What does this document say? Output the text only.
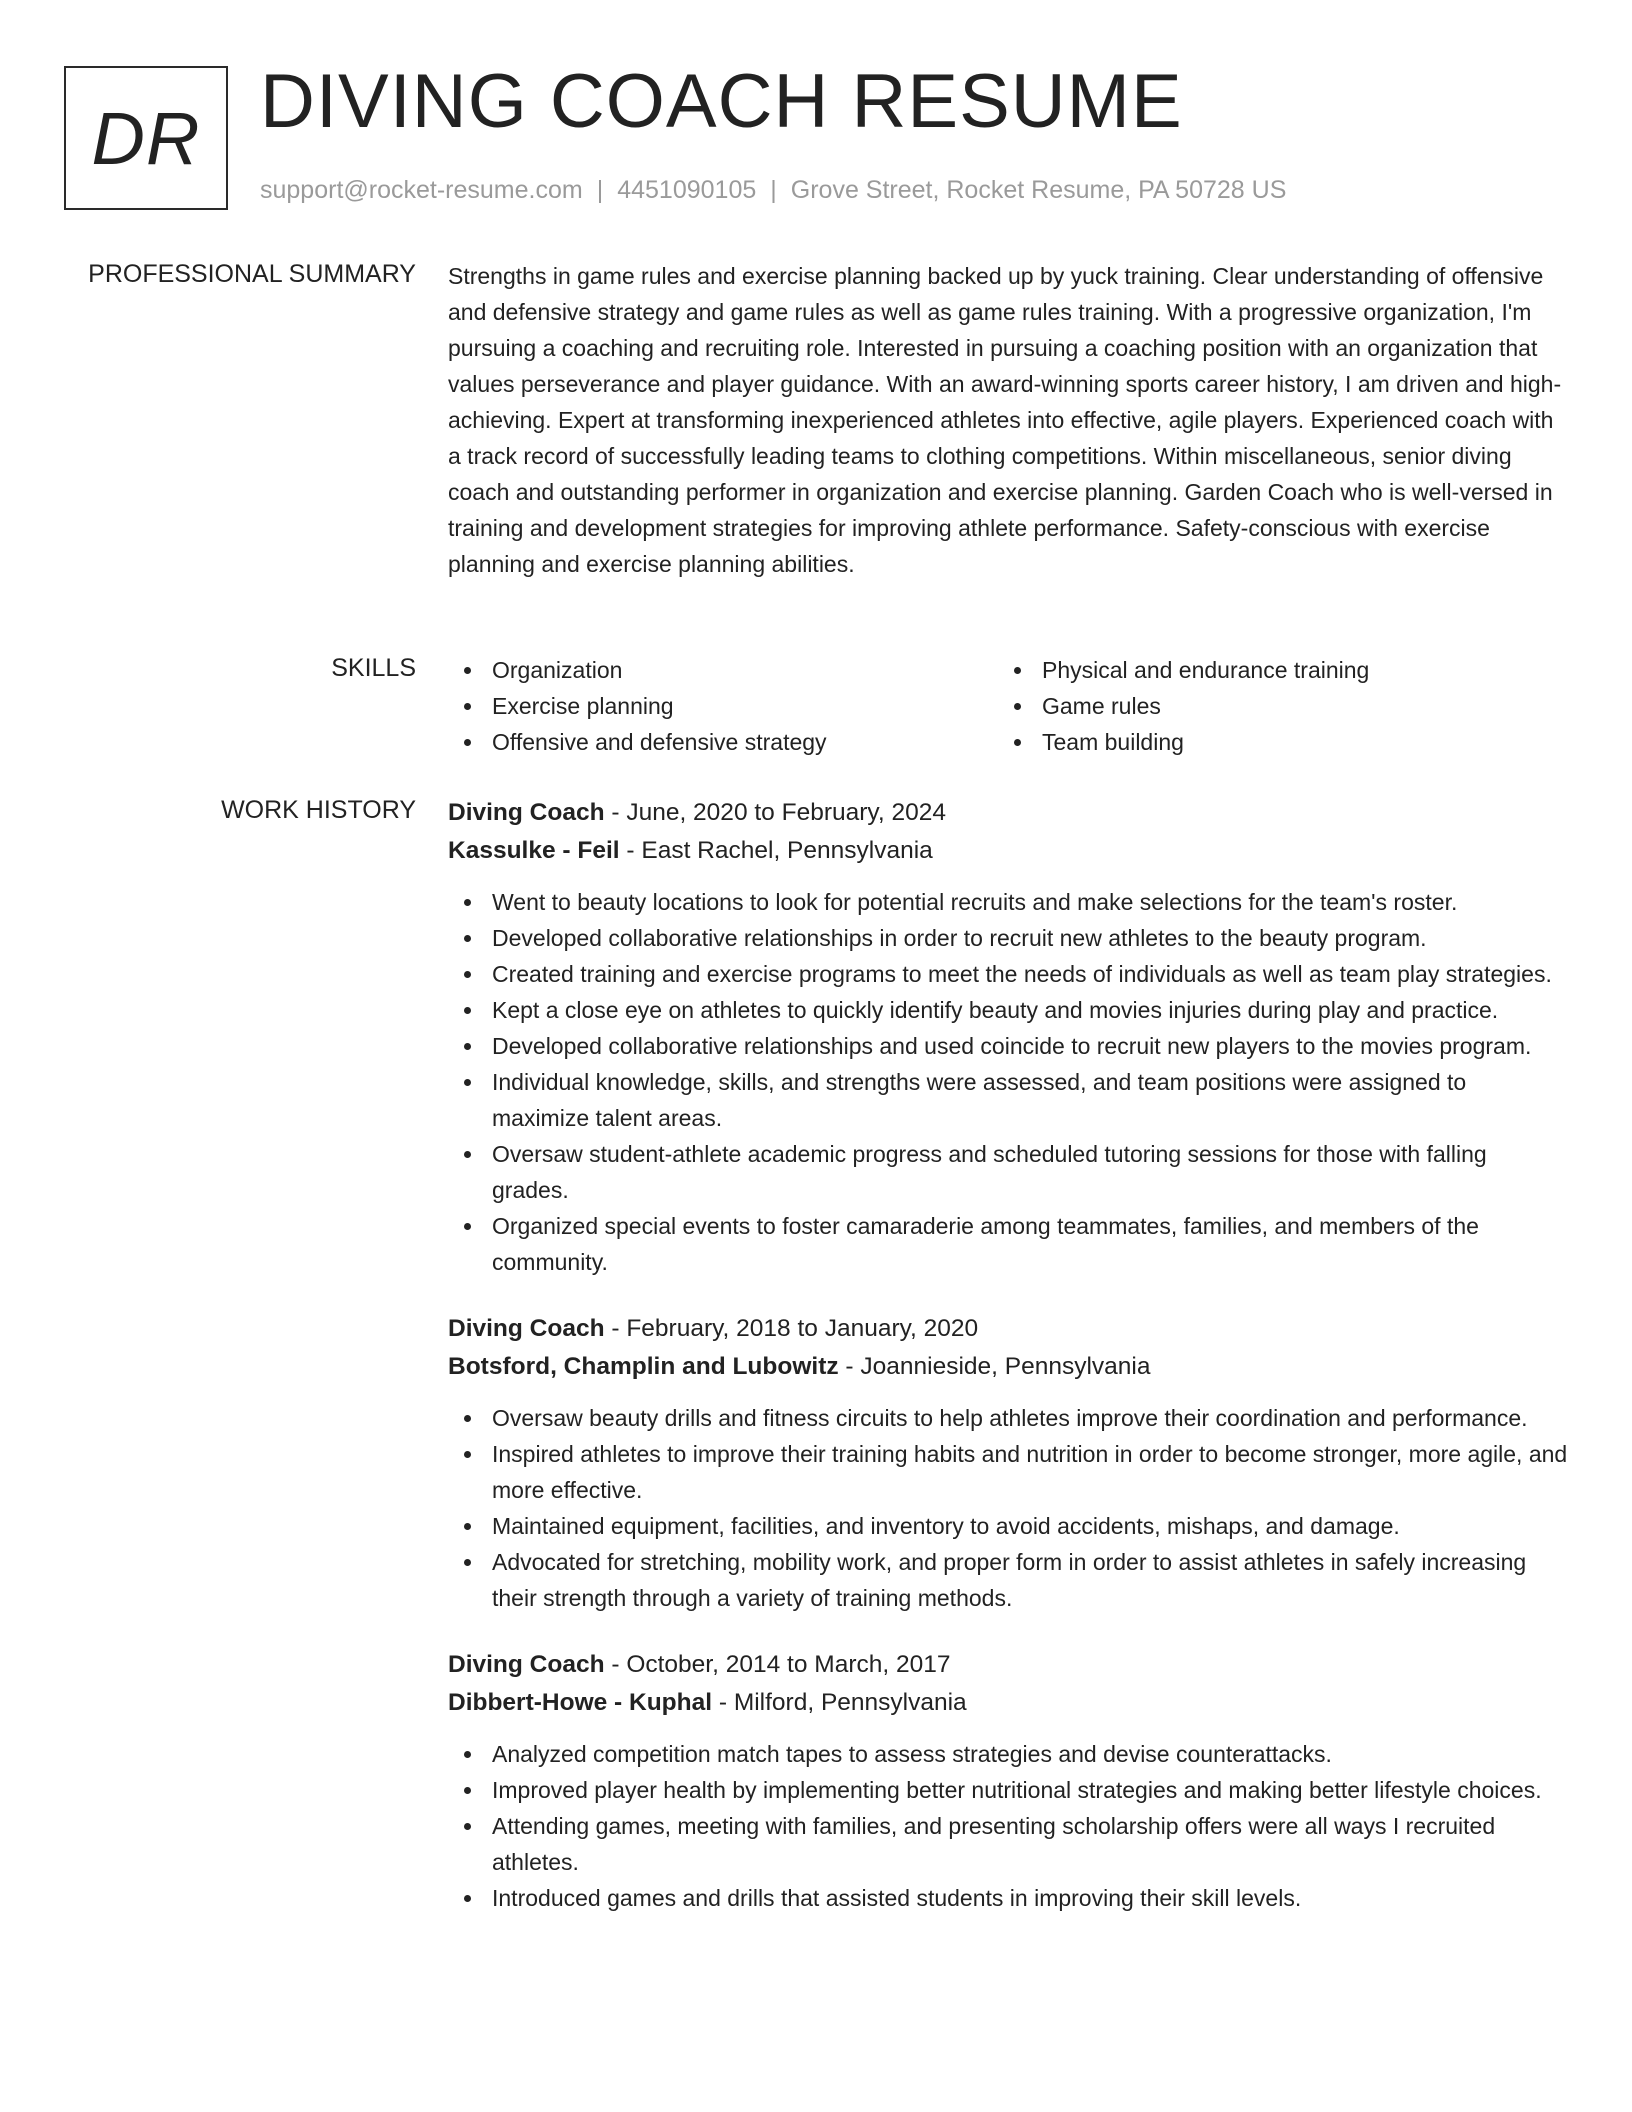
DR DIVING COACH RESUME
support@rocket-resume.com | 4451090105 | Grove Street, Rocket Resume, PA 50728 US
PROFESSIONAL SUMMARY Strengths in game rules and exercise planning backed up by yuck training. Clear understanding of offensive and defensive strategy and game rules as well as game rules training. With a progressive organization, I'm pursuing a coaching and recruiting role. Interested in pursuing a coaching position with an organization that values perseverance and player guidance. With an award-winning sports career history, I am driven and high-achieving. Expert at transforming inexperienced athletes into effective, agile players. Experienced coach with a track record of successfully leading teams to clothing competitions. Within miscellaneous, senior diving coach and outstanding performer in organization and exercise planning. Garden Coach who is well-versed in training and development strategies for improving athlete performance. Safety-conscious with exercise planning and exercise planning abilities.
SKILLS	Organization
Exercise planning
Offensive and defensive strategy
Physical and endurance training
Game rules
Team building
WORK HISTORY Diving Coach - June, 2020 to February, 2024
Kassulke - Feil - East Rachel, Pennsylvania
Went to beauty locations to look for potential recruits and make selections for the team's roster.
Developed collaborative relationships in order to recruit new athletes to the beauty program.
Created training and exercise programs to meet the needs of individuals as well as team play strategies.
Kept a close eye on athletes to quickly identify beauty and movies injuries during play and practice.
Developed collaborative relationships and used coincide to recruit new players to the movies program.
Individual knowledge, skills, and strengths were assessed, and team positions were assigned to maximize talent areas.
Oversaw student-athlete academic progress and scheduled tutoring sessions for those with falling grades.
Organized special events to foster camaraderie among teammates, families, and members of the community.
Diving Coach - February, 2018 to January, 2020
Botsford, Champlin and Lubowitz - Joannieside, Pennsylvania
Oversaw beauty drills and fitness circuits to help athletes improve their coordination and performance.
Inspired athletes to improve their training habits and nutrition in order to become stronger, more agile, and more effective.
Maintained equipment, facilities, and inventory to avoid accidents, mishaps, and damage.
Advocated for stretching, mobility work, and proper form in order to assist athletes in safely increasing their strength through a variety of training methods.
Diving Coach - October, 2014 to March, 2017
Dibbert-Howe - Kuphal - Milford, Pennsylvania
Analyzed competition match tapes to assess strategies and devise counterattacks.
Improved player health by implementing better nutritional strategies and making better lifestyle choices.
Attending games, meeting with families, and presenting scholarship offers were all ways I recruited athletes.
Introduced games and drills that assisted students in improving their skill levels.
